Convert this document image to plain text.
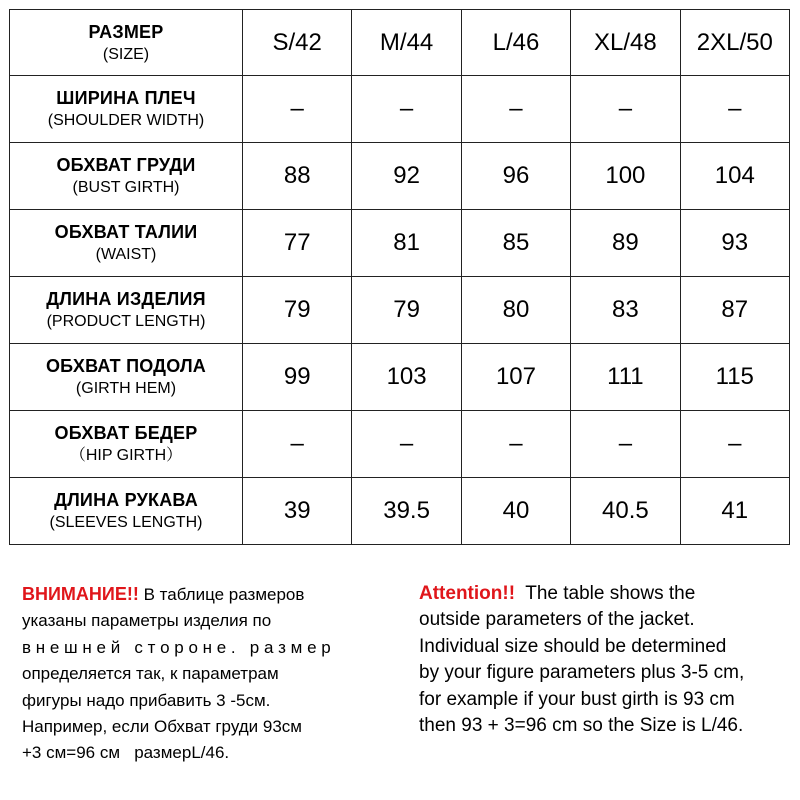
РАЗМЕР
(SIZE)	S/42	M/44	L/46	XL/48	2XL/50

ШИРИНА ПЛЕЧ
(SHOULDER WIDTH)	–	–	–	–	–

ОБХВАТ ГРУДИ
(BUST GIRTH)	88	92	96	100	104

ОБХВАТ ТАЛИИ
(WAIST)	77	81	85	89	93

ДЛИНА ИЗДЕЛИЯ
(PRODUCT LENGTH)	79	79	80	83	87

ОБХВАТ ПОДОЛА
(GIRTH HEM)	99	103	107	111	115

ОБХВАТ БЕДЕР
（HIP GIRTH）	–	–	–	–	–

ДЛИНА РУКАВА
(SLEEVES LENGTH)	39	39.5	40	40.5	41
ВНИМАНИЕ!! В таблице размеров
указаны параметры изделия по
в н е ш н е й   с т о р о н е .   р а з м е р
определяется так, к параметрам
фигуры надо прибавить 3 -5см.
Например, если Обхват груди 93см
+3 см=96 см   размерL/46.
Attention!!  The table shows the
outside parameters of the jacket.
Individual size should be determined
by your figure parameters plus 3-5 cm,
for example if your bust girth is 93 cm
then 93 + 3=96 cm so the Size is L/46.
